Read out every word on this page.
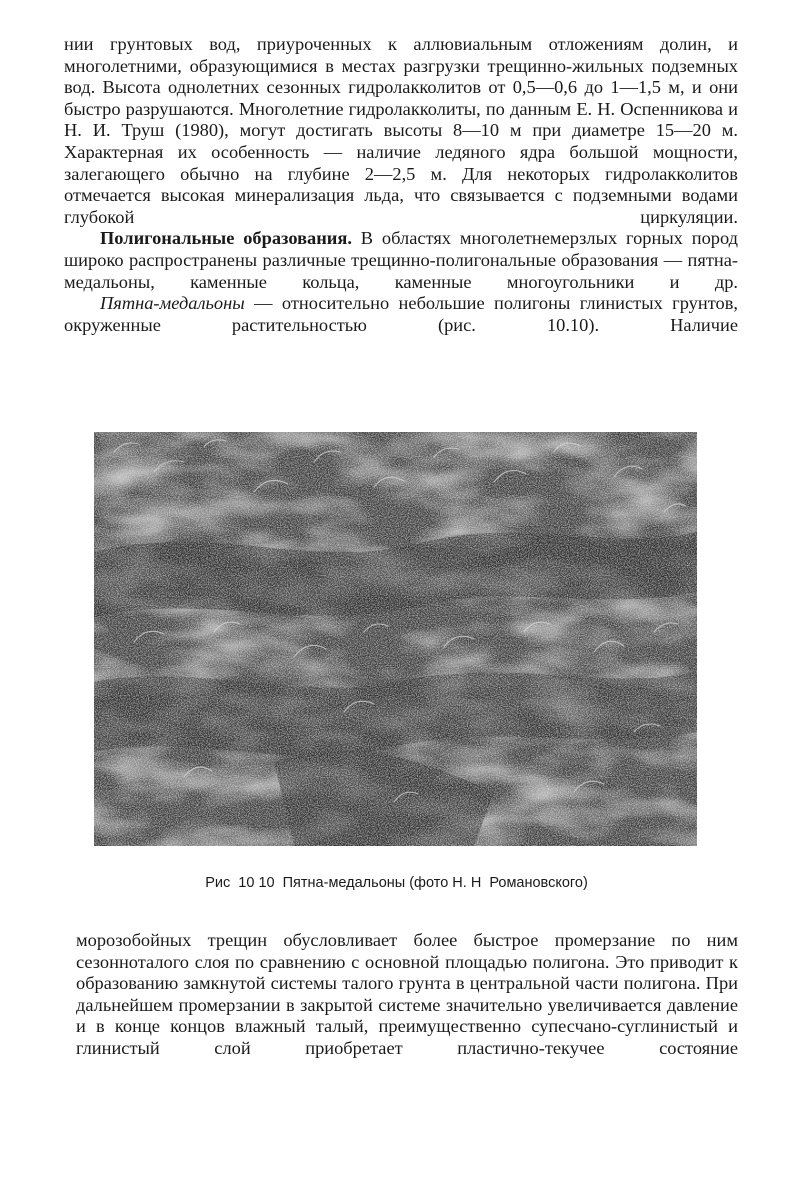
нии грунтовых вод, приуроченных к аллювиальным отложениям долин, и многолетними, образующимися в местах разгрузки трещинно-жильных подземных вод. Высота однолетних сезонных гидролакколитов от 0,5—0,6 до 1—1,5 м, и они быстро разрушаются. Многолетние гидролакколиты, по данным Е. Н. Оспенникова и Н. И. Труш (1980), могут достигать высоты 8—10 м при диаметре 15—20 м. Характерная их особенность — наличие ледяного ядра большой мощности, залегающего обычно на глубине 2—2,5 м. Для некоторых гидролакколитов отмечается высокая минерализация льда, что связывается с подземными водами глубокой циркуляции.

Полигональные образования. В областях многолетнемерзлых горных пород широко распространены различные трещинно-полигональные образования — пятна-медальоны, каменные кольца, каменные многоугольники и др.

Пятна-медальоны — относительно небольшие полигоны глинистых грунтов, окруженные растительностью (рис. 10.10). Наличие

Рис  10 10  Пятна-медальоны (фото Н. Н  Романовского)

морозобойных трещин обусловливает более быстрое промерзание по ним сезонноталого слоя по сравнению с основной площадью полигона. Это приводит к образованию замкнутой системы талого грунта в центральной части полигона. При дальнейшем промерзании в закрытой системе значительно увеличивается давление и в конце концов влажный талый, преимущественно супесчано-суглинистый и глинистый слой приобретает пластично-текучее состояние
